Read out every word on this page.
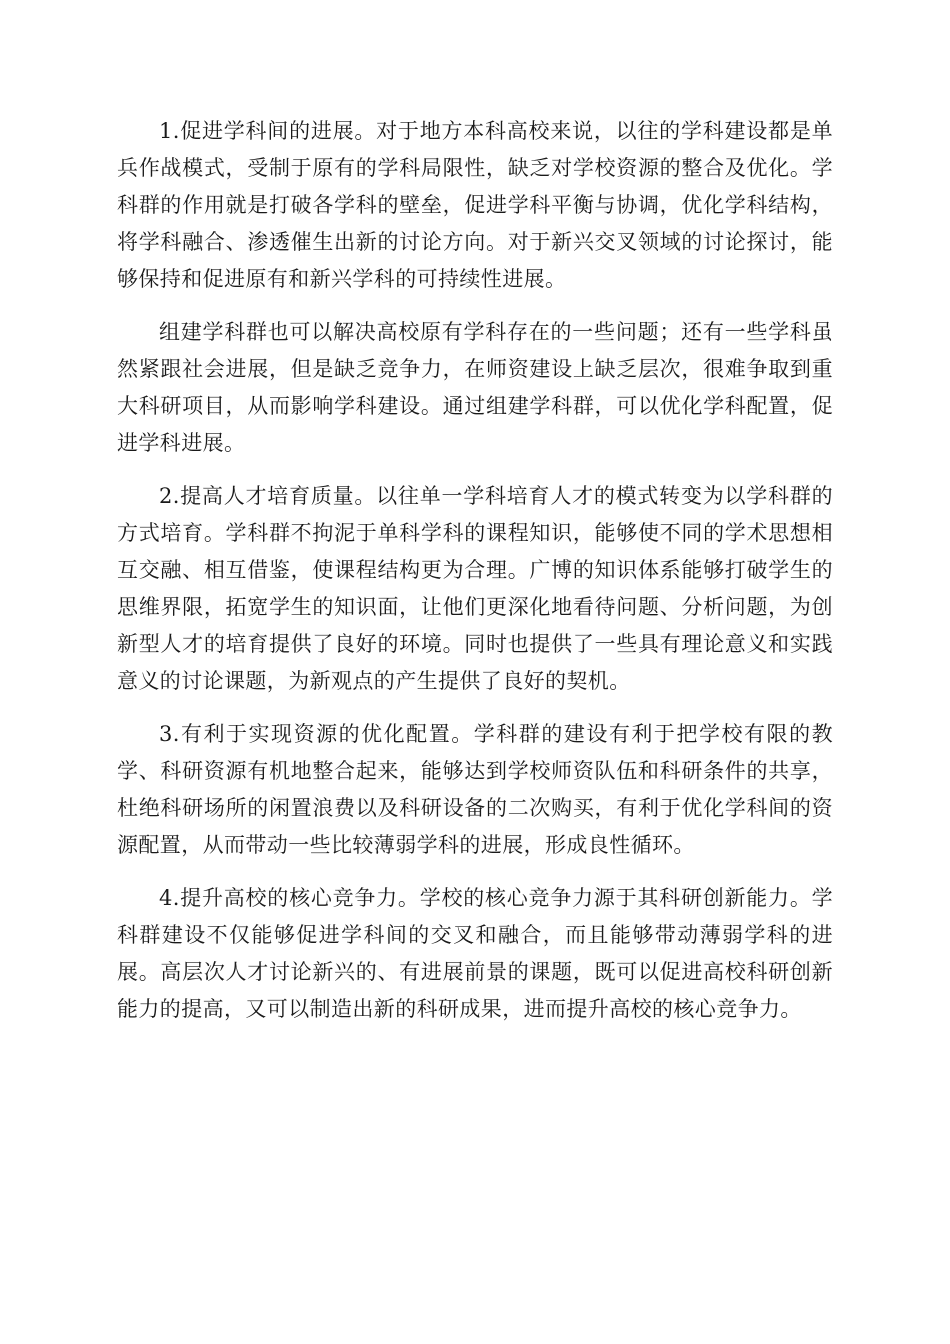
1.促进学科间的进展。对于地方本科高校来说，以往的学科建设都是单兵作战模式，受制于原有的学科局限性，缺乏对学校资源的整合及优化。学科群的作用就是打破各学科的壁垒，促进学科平衡与协调，优化学科结构，将学科融合、渗透催生出新的讨论方向。对于新兴交叉领域的讨论探讨，能够保持和促进原有和新兴学科的可持续性进展。

组建学科群也可以解决高校原有学科存在的一些问题；还有一些学科虽然紧跟社会进展，但是缺乏竞争力，在师资建设上缺乏层次，很难争取到重大科研项目，从而影响学科建设。通过组建学科群，可以优化学科配置，促进学科进展。

2.提高人才培育质量。以往单一学科培育人才的模式转变为以学科群的方式培育。学科群不拘泥于单科学科的课程知识，能够使不同的学术思想相互交融、相互借鉴，使课程结构更为合理。广博的知识体系能够打破学生的思维界限，拓宽学生的知识面，让他们更深化地看待问题、分析问题，为创新型人才的培育提供了良好的环境。同时也提供了一些具有理论意义和实践意义的讨论课题，为新观点的产生提供了良好的契机。

3.有利于实现资源的优化配置。学科群的建设有利于把学校有限的教学、科研资源有机地整合起来，能够达到学校师资队伍和科研条件的共享，杜绝科研场所的闲置浪费以及科研设备的二次购买，有利于优化学科间的资源配置，从而带动一些比较薄弱学科的进展，形成良性循环。

4.提升高校的核心竞争力。学校的核心竞争力源于其科研创新能力。学科群建设不仅能够促进学科间的交叉和融合，而且能够带动薄弱学科的进展。高层次人才讨论新兴的、有进展前景的课题，既可以促进高校科研创新能力的提高，又可以制造出新的科研成果，进而提升高校的核心竞争力。
